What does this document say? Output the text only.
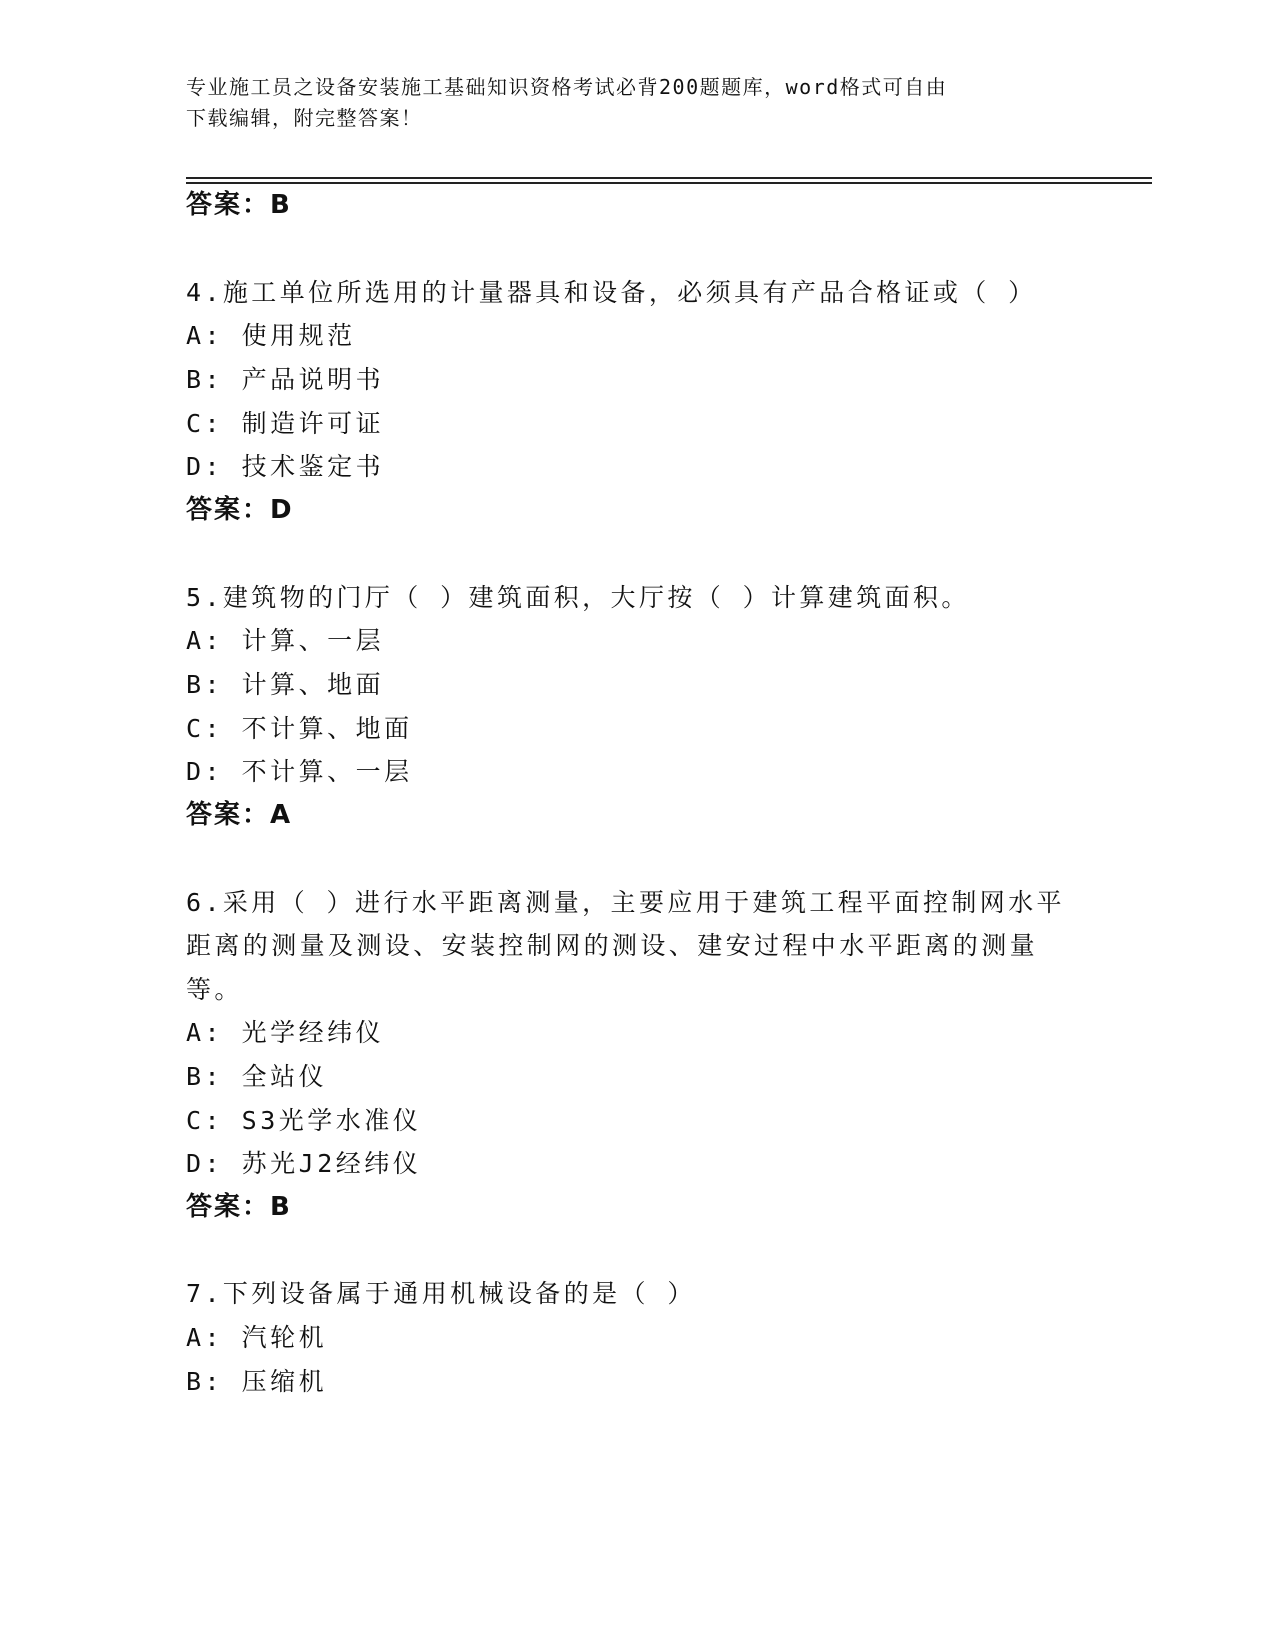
专业施工员之设备安装施工基础知识资格考试必背200题题库，word格式可自由
下载编辑，附完整答案！
答案：B
4.施工单位所选用的计量器具和设备，必须具有产品合格证或（ ）
A: 使用规范
B: 产品说明书
C: 制造许可证
D: 技术鉴定书
答案：D
5.建筑物的门厅（ ）建筑面积，大厅按（ ）计算建筑面积。
A: 计算、一层
B: 计算、地面
C: 不计算、地面
D: 不计算、一层
答案：A
6.采用（ ）进行水平距离测量，主要应用于建筑工程平面控制网水平
距离的测量及测设、安装控制网的测设、建安过程中水平距离的测量
等。
A: 光学经纬仪
B: 全站仪
C: S3光学水准仪
D: 苏光J2经纬仪
答案：B
7.下列设备属于通用机械设备的是（ ）
A: 汽轮机
B: 压缩机
